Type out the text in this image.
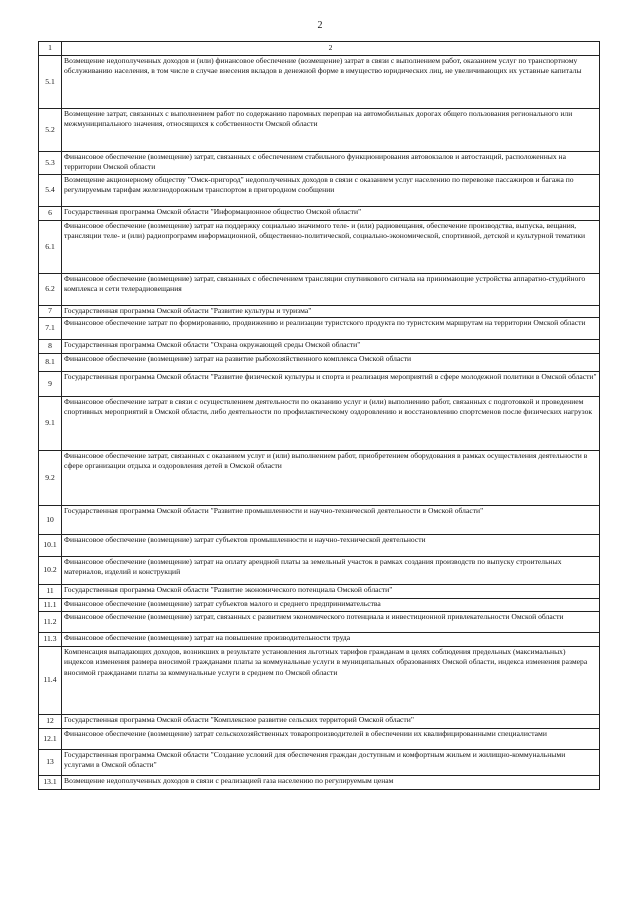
2
1	2
5.1	Возмещение недополученных доходов и (или) финансовое обеспечение (возмещение) затрат в связи с выполнением работ, оказанием услуг по транспортному обслуживанию населения, в том числе в случае внесения вкладов в денежной форме в имущество юридических лиц, не увеличивающих их уставные капиталы
5.2	Возмещение затрат, связанных с выполнением работ по содержанию паромных переправ на автомобильных дорогах общего пользования регионального или межмуниципального значения, относящихся к собственности Омской области
5.3	Финансовое обеспечение (возмещение) затрат, связанных с обеспечением стабильного функционирования автовокзалов и автостанций, расположенных на территории Омской области
5.4	Возмещение акционерному обществу "Омск-пригород" недополученных доходов в связи с оказанием услуг населению по перевозке пассажиров и багажа по регулируемым тарифам железнодорожным транспортом в пригородном сообщении
6	Государственная программа Омской области "Информационное общество Омской области"
6.1	Финансовое обеспечение (возмещение) затрат на поддержку социально значимого теле- и (или) радиовещания, обеспечение производства, выпуска, вещания, трансляции теле- и (или) радиопрограмм информационной, общественно-политической, социально-экономической, спортивной, детской и культурной тематики
6.2	Финансовое обеспечение (возмещение) затрат, связанных с обеспечением трансляции спутникового сигнала на принимающие устройства аппаратно-студийного комплекса и сети телерадиовещания
7	Государственная программа Омской области "Развитие культуры и туризма"
7.1	Финансовое обеспечение затрат по формированию, продвижению и реализации туристского продукта по туристским маршрутам на территории Омской области
8	Государственная программа Омской области "Охрана окружающей среды Омской области"
8.1	Финансовое обеспечение (возмещение) затрат на развитие рыбохозяйственного комплекса Омской области
9	Государственная программа Омской области "Развитие физической культуры и спорта и реализация мероприятий в сфере молодежной политики в Омской области"
9.1	Финансовое обеспечение затрат в связи с осуществлением деятельности по оказанию услуг и (или) выполнению работ, связанных с подготовкой и проведением спортивных мероприятий в Омской области, либо деятельности по профилактическому оздоровлению и восстановлению спортсменов после физических нагрузок
9.2	Финансовое обеспечение затрат, связанных с оказанием услуг и (или) выполнением работ, приобретением оборудования в рамках осуществления деятельности в сфере организации отдыха и оздоровления детей в Омской области
10	Государственная программа Омской области "Развитие промышленности и научно-технической деятельности в Омской области"
10.1	Финансовое обеспечение (возмещение) затрат субъектов промышленности и научно-технической деятельности
10.2	Финансовое обеспечение (возмещение) затрат на оплату арендной платы за земельный участок в рамках создания производств по выпуску строительных материалов, изделий и конструкций
11	Государственная программа Омской области "Развитие экономического потенциала Омской области"
11.1	Финансовое обеспечение (возмещение) затрат субъектов малого и среднего предпринимательства
11.2	Финансовое обеспечение (возмещение) затрат, связанных с развитием экономического потенциала и инвестиционной привлекательности Омской области
11.3	Финансовое обеспечение (возмещение) затрат на повышение производительности труда
11.4	Компенсация выпадающих доходов, возникших в результате установления льготных тарифов гражданам в целях соблюдения предельных (максимальных) индексов изменения размера вносимой гражданами платы за коммунальные услуги в муниципальных образованиях Омской области, индекса изменения размера вносимой гражданами платы за коммунальные услуги в среднем по Омской области
12	Государственная программа Омской области "Комплексное развитие сельских территорий Омской области"
12.1	Финансовое обеспечение (возмещение) затрат сельскохозяйственных товаропроизводителей в обеспечении их квалифицированными специалистами
13	Государственная программа Омской области "Создание условий для обеспечения граждан доступным и комфортным жильем и жилищно-коммунальными услугами в Омской области"
13.1	Возмещение недополученных доходов в связи с реализацией газа населению по регулируемым ценам
